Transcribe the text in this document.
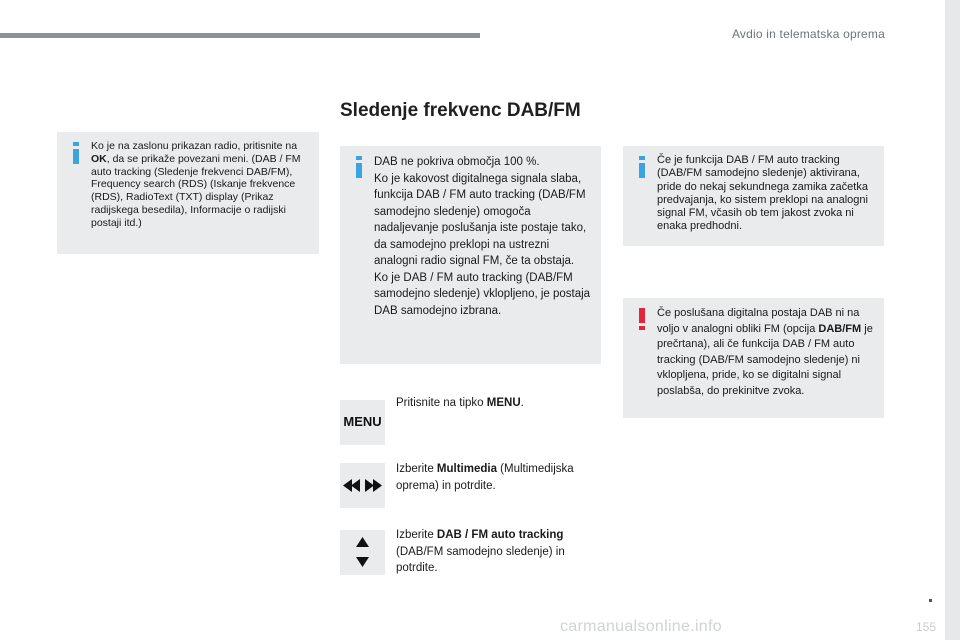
Avdio in telematska oprema
Sledenje frekvenc DAB/FM

Ko je na zaslonu prikazan radio, pritisnite na OK, da se prikaže povezani meni. (DAB / FM auto tracking (Sledenje frekvenci DAB/FM), Frequency search (RDS) (Iskanje frekvence (RDS), RadioText (TXT) display (Prikaz radijskega besedila), Informacije o radijski postaji itd.)

DAB ne pokriva območja 100 %.
Ko je kakovost digitalnega signala slaba, funkcija DAB / FM auto tracking (DAB/FM samodejno sledenje) omogoča nadaljevanje poslušanja iste postaje tako, da samodejno preklopi na ustrezni analogni radio signal FM, če ta obstaja.
Ko je DAB / FM auto tracking (DAB/FM samodejno sledenje) vklopljeno, je postaja DAB samodejno izbrana.

Če je funkcija DAB / FM auto tracking (DAB/FM samodejno sledenje) aktivirana, pride do nekaj sekundnega zamika začetka predvajanja, ko sistem preklopi na analogni signal FM, včasih ob tem jakost zvoka ni enaka predhodni.

Če poslušana digitalna postaja DAB ni na voljo v analogni obliki FM (opcija DAB/FM je prečrtana), ali če funkcija DAB / FM auto tracking (DAB/FM samodejno sledenje) ni vklopljena, pride, ko se digitalni signal poslabša, do prekinitve zvoka.

MENU
Pritisnite na tipko MENU.
Izberite Multimedia (Multimedijska oprema) in potrdite.
Izberite DAB / FM auto tracking (DAB/FM samodejno sledenje) in potrdite.
carmanualsonline.info	155
